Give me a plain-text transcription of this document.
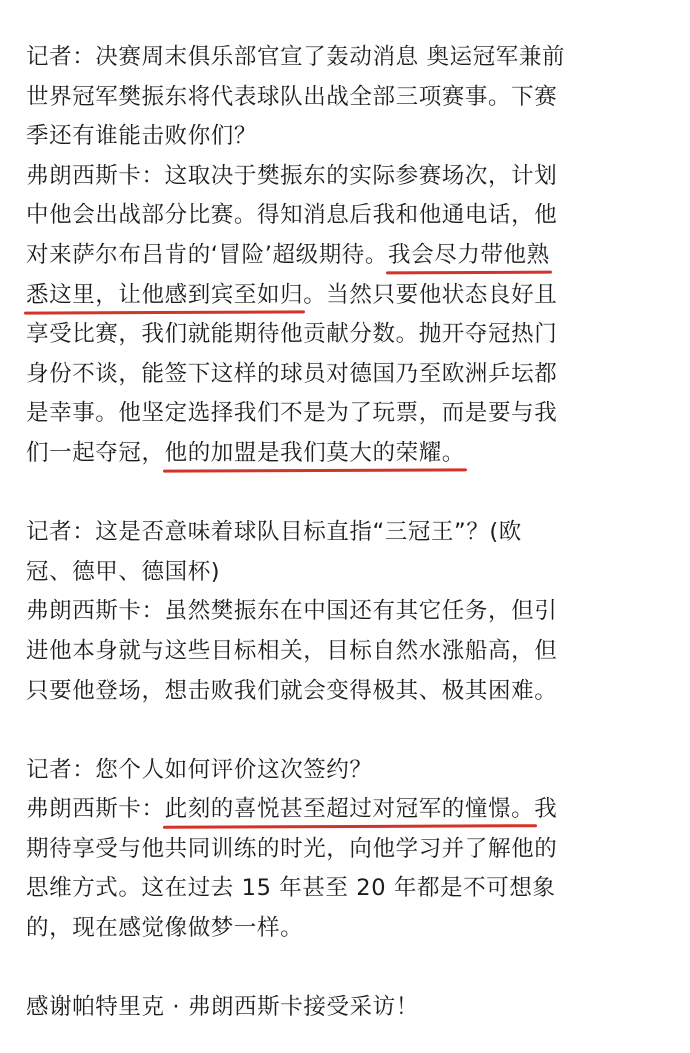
记者：决赛周末俱乐部官宣了轰动消息 奥运冠军兼前
世界冠军樊振东将代表球队出战全部三项赛事。下赛
季还有谁能击败你们？
弗朗西斯卡：这取决于樊振东的实际参赛场次，计划
中他会出战部分比赛。得知消息后我和他通电话，他
对来萨尔布吕肯的‘冒险’超级期待。我会尽力带他熟
悉这里，让他感到宾至如归。当然只要他状态良好且
享受比赛，我们就能期待他贡献分数。抛开夺冠热门
身份不谈，能签下这样的球员对德国乃至欧洲乒坛都
是幸事。他坚定选择我们不是为了玩票，而是要与我
们一起夺冠，他的加盟是我们莫大的荣耀。
记者：这是否意味着球队目标直指“三冠王”？(欧
冠、德甲、德国杯)
弗朗西斯卡：虽然樊振东在中国还有其它任务，但引
进他本身就与这些目标相关，目标自然水涨船高，但
只要他登场，想击败我们就会变得极其、极其困难。
记者：您个人如何评价这次签约？
弗朗西斯卡：此刻的喜悦甚至超过对冠军的憧憬。我
期待享受与他共同训练的时光，向他学习并了解他的
思维方式。这在过去 15 年甚至 20 年都是不可想象
的，现在感觉像做梦一样。
感谢帕特里克 · 弗朗西斯卡接受采访！
